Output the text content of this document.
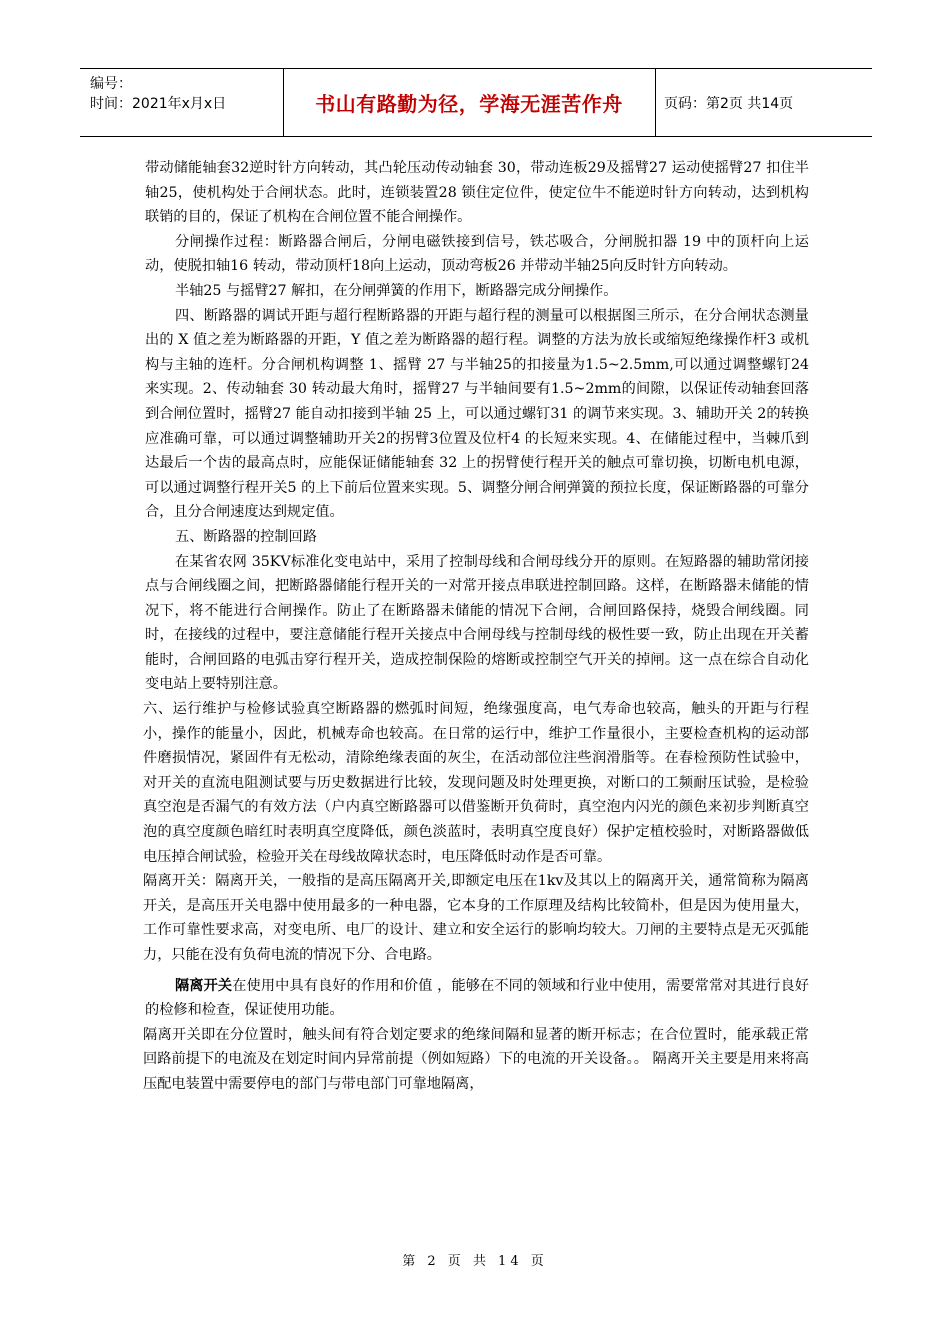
编号：
时间：2021年x月x日	书山有路勤为径，学海无涯苦作舟	页码：第2页 共14页

带动储能轴套32逆时针方向转动，其凸轮压动传动轴套 30，带动连板29及摇臂27 运动使摇臂27 扣住半轴25，使机构处于合闸状态。此时，连锁装置28 锁住定位件，使定位牛不能逆时针方向转动，达到机构联销的目的，保证了机构在合闸位置不能合闸操作。

分闸操作过程：断路器合闸后，分闸电磁铁接到信号，铁芯吸合，分闸脱扣器 19 中的顶杆向上运动，使脱扣轴16 转动，带动顶杆18向上运动，顶动弯板26 并带动半轴25向反时针方向转动。

半轴25 与摇臂27 解扣，在分闸弹簧的作用下，断路器完成分闸操作。

四、断路器的调试开距与超行程断路器的开距与超行程的测量可以根据图三所示，在分合闸状态测量出的 X 值之差为断路器的开距，Y 值之差为断路器的超行程。调整的方法为放长或缩短绝缘操作杆3 或机构与主轴的连杆。分合闸机构调整 1、摇臂 27 与半轴25的扣接量为1.5~2.5mm,可以通过调整螺钉24 来实现。2、传动轴套 30 转动最大角时，摇臂27 与半轴间要有1.5~2mm的间隙，以保证传动轴套回落到合闸位置时，摇臂27 能自动扣接到半轴 25 上，可以通过螺钉31 的调节来实现。3、辅助开关 2的转换应准确可靠，可以通过调整辅助开关2的拐臂3位置及位杆4 的长短来实现。4、在储能过程中，当棘爪到达最后一个齿的最高点时，应能保证储能轴套 32 上的拐臂使行程开关的触点可靠切换，切断电机电源，可以通过调整行程开关5 的上下前后位置来实现。5、调整分闸合闸弹簧的预拉长度，保证断路器的可靠分合，且分合闸速度达到规定值。

五、断路器的控制回路

在某省农网 35KV标准化变电站中，采用了控制母线和合闸母线分开的原则。在短路器的辅助常闭接点与合闸线圈之间，把断路器储能行程开关的一对常开接点串联进控制回路。这样，在断路器未储能的情况下，将不能进行合闸操作。防止了在断路器未储能的情况下合闸，合闸回路保持，烧毁合闸线圈。同时，在接线的过程中，要注意储能行程开关接点中合闸母线与控制母线的极性要一致，防止出现在开关蓄能时，合闸回路的电弧击穿行程开关，造成控制保险的熔断或控制空气开关的掉闸。这一点在综合自动化变电站上要特别注意。

六、运行维护与检修试验真空断路器的燃弧时间短，绝缘强度高，电气寿命也较高，触头的开距与行程小，操作的能量小，因此，机械寿命也较高。在日常的运行中，维护工作量很小，主要检查机构的运动部件磨损情况，紧固件有无松动，清除绝缘表面的灰尘，在活动部位注些润滑脂等。在春检预防性试验中，对开关的直流电阻测试要与历史数据进行比较，发现问题及时处理更换，对断口的工频耐压试验，是检验真空泡是否漏气的有效方法（户内真空断路器可以借鉴断开负荷时，真空泡内闪光的颜色来初步判断真空泡的真空度颜色暗红时表明真空度降低，颜色淡蓝时，表明真空度良好）保护定植校验时，对断路器做低电压掉合闸试验，检验开关在母线故障状态时，电压降低时动作是否可靠。

隔离开关：隔离开关，一般指的是高压隔离开关,即额定电压在1kv及其以上的隔离开关，通常简称为隔离开关，是高压开关电器中使用最多的一种电器，它本身的工作原理及结构比较简朴，但是因为使用量大，工作可靠性要求高，对变电所、电厂的设计、建立和安全运行的影响均较大。刀闸的主要特点是无灭弧能力，只能在没有负荷电流的情况下分、合电路。

隔离开关在使用中具有良好的作用和价值 ，能够在不同的领域和行业中使用，需要常常对其进行良好的检修和检查，保证使用功能。

隔离开关即在分位置时，触头间有符合划定要求的绝缘间隔和显著的断开标志；在合位置时，能承载正常回路前提下的电流及在划定时间内异常前提（例如短路）下的电流的开关设备。。 隔离开关主要是用来将高压配电装置中需要停电的部门与带电部门可靠地隔离，

第 2 页 共 14 页
